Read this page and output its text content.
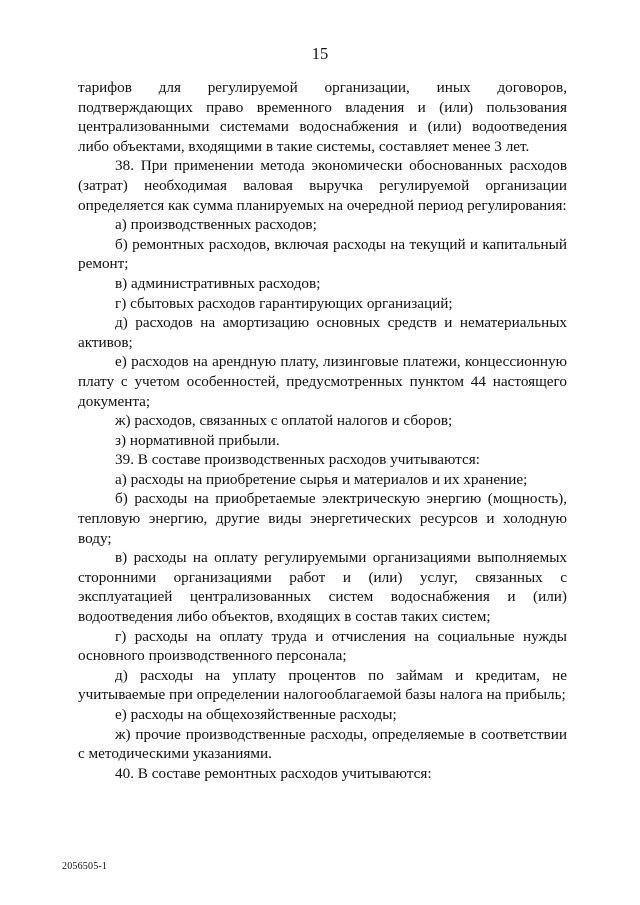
15

тарифов для регулируемой организации, иных договоров, подтверждающих право временного владения и (или) пользования централизованными системами водоснабжения и (или) водоотведения либо объектами, входящими в такие системы, составляет менее 3 лет.

38. При применении метода экономически обоснованных расходов (затрат) необходимая валовая выручка регулируемой организации определяется как сумма планируемых на очередной период регулирования:

а) производственных расходов;

б) ремонтных расходов, включая расходы на текущий и капитальный ремонт;

в) административных расходов;

г) сбытовых расходов гарантирующих организаций;

д) расходов на амортизацию основных средств и нематериальных активов;

е) расходов на арендную плату, лизинговые платежи, концессионную плату с учетом особенностей, предусмотренных пунктом 44 настоящего документа;

ж) расходов, связанных с оплатой налогов и сборов;

з) нормативной прибыли.

39. В составе производственных расходов учитываются:

а) расходы на приобретение сырья и материалов и их хранение;

б) расходы на приобретаемые электрическую энергию (мощность), тепловую энергию, другие виды энергетических ресурсов и холодную воду;

в) расходы на оплату регулируемыми организациями выполняемых сторонними организациями работ и (или) услуг, связанных с эксплуатацией централизованных систем водоснабжения и (или) водоотведения либо объектов, входящих в состав таких систем;

г) расходы на оплату труда и отчисления на социальные нужды основного производственного персонала;

д) расходы на уплату процентов по займам и кредитам, не учитываемые при определении налогооблагаемой базы налога на прибыль;

е) расходы на общехозяйственные расходы;

ж) прочие производственные расходы, определяемые в соответствии с методическими указаниями.

40. В составе ремонтных расходов учитываются:

2056505-1
